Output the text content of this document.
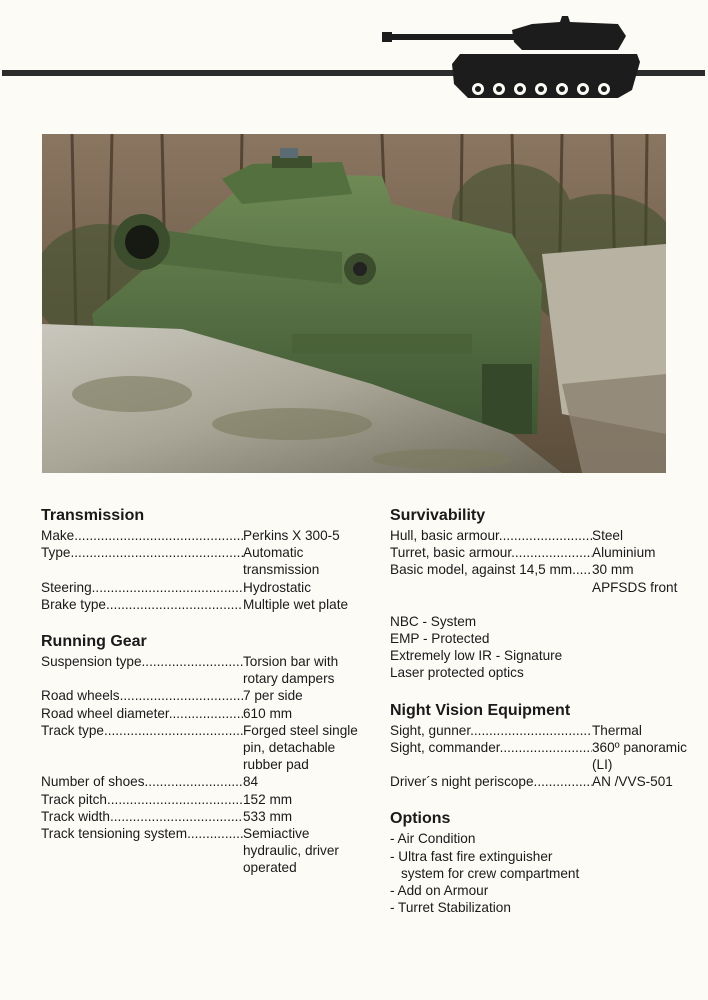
Transmission
Make .....	Perkins X 300-5
Type .....	Automatic transmission
Steering .....	Hydrostatic
Brake type .....	Multiple wet plate
Running Gear
Suspension type .....	Torsion bar with rotary dampers
Road wheels .....	7 per side
Road wheel diameter .....	610 mm
Track type .....	Forged steel single pin, detachable rubber pad
Number of shoes .....	84
Track pitch .....	152 mm
Track width .....	533 mm
Track tensioning system .....	Semiactive hydraulic, driver operated
Survivability
Hull, basic armour .....	Steel
Turret, basic armour .....	Aluminium
Basic model, against 14,5 mm .....	30 mm APFSDS front
NBC - System
EMP - Protected
Extremely low IR - Signature
Laser protected optics
Night Vision Equipment
Sight, gunner .....	Thermal
Sight, commander .....	360º panoramic (LI)
Driver´s night periscope .....	AN /VVS-501
Options
- Air Condition
- Ultra fast fire extinguisher
system for crew compartment
- Add on Armour
- Turret Stabilization
